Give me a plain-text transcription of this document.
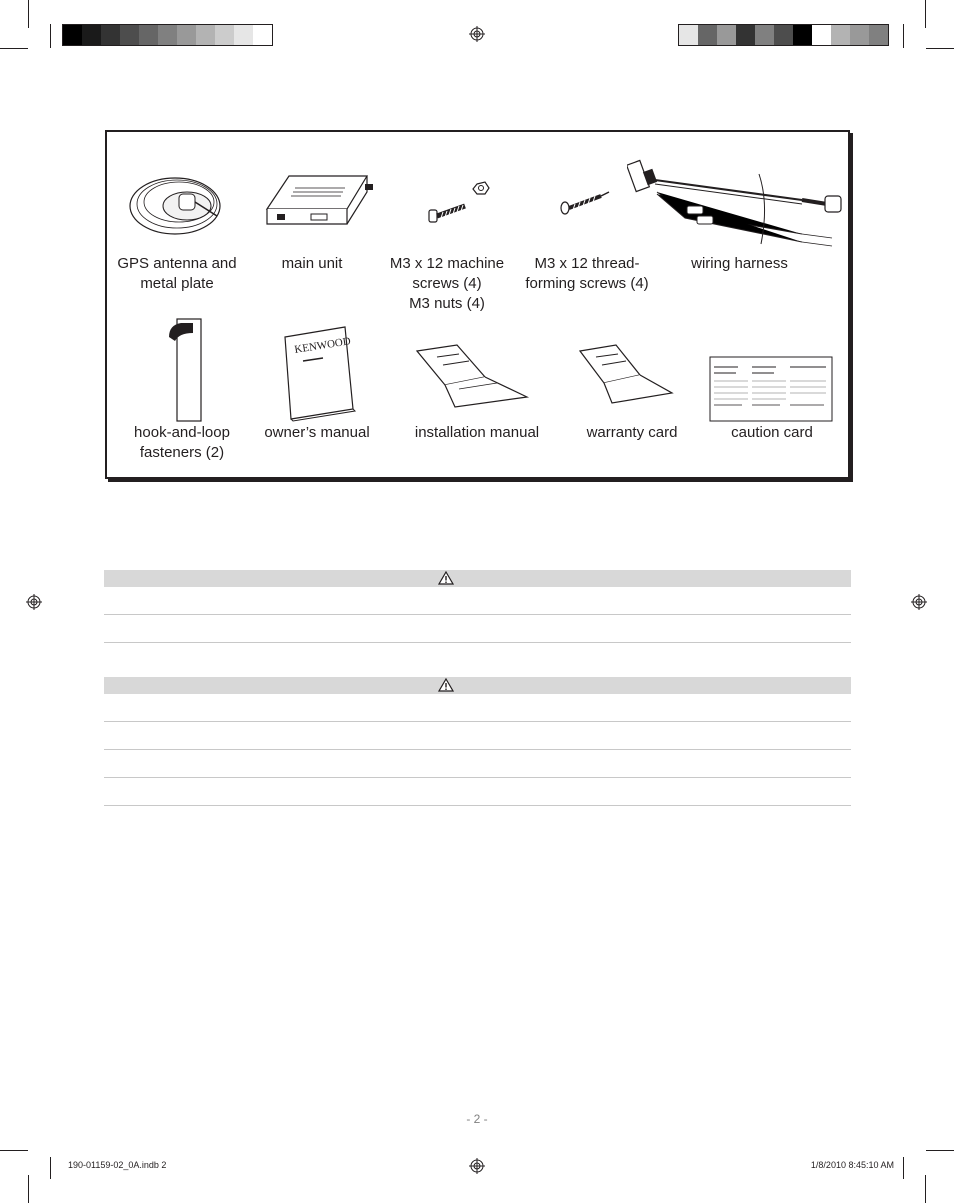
GPS antenna and
metal plate
main unit	M3 x 12 machine
screws (4)
M3 nuts (4)
M3 x 12 thread-
forming screws (4)
wiring harness
hook-and-loop
fasteners (2)
KENWOOD
owner’s manual	installation manual	warranty card	caution card
- 2 -
190-01159-02_0A.indb 2	1/8/2010 8:45:10 AM
